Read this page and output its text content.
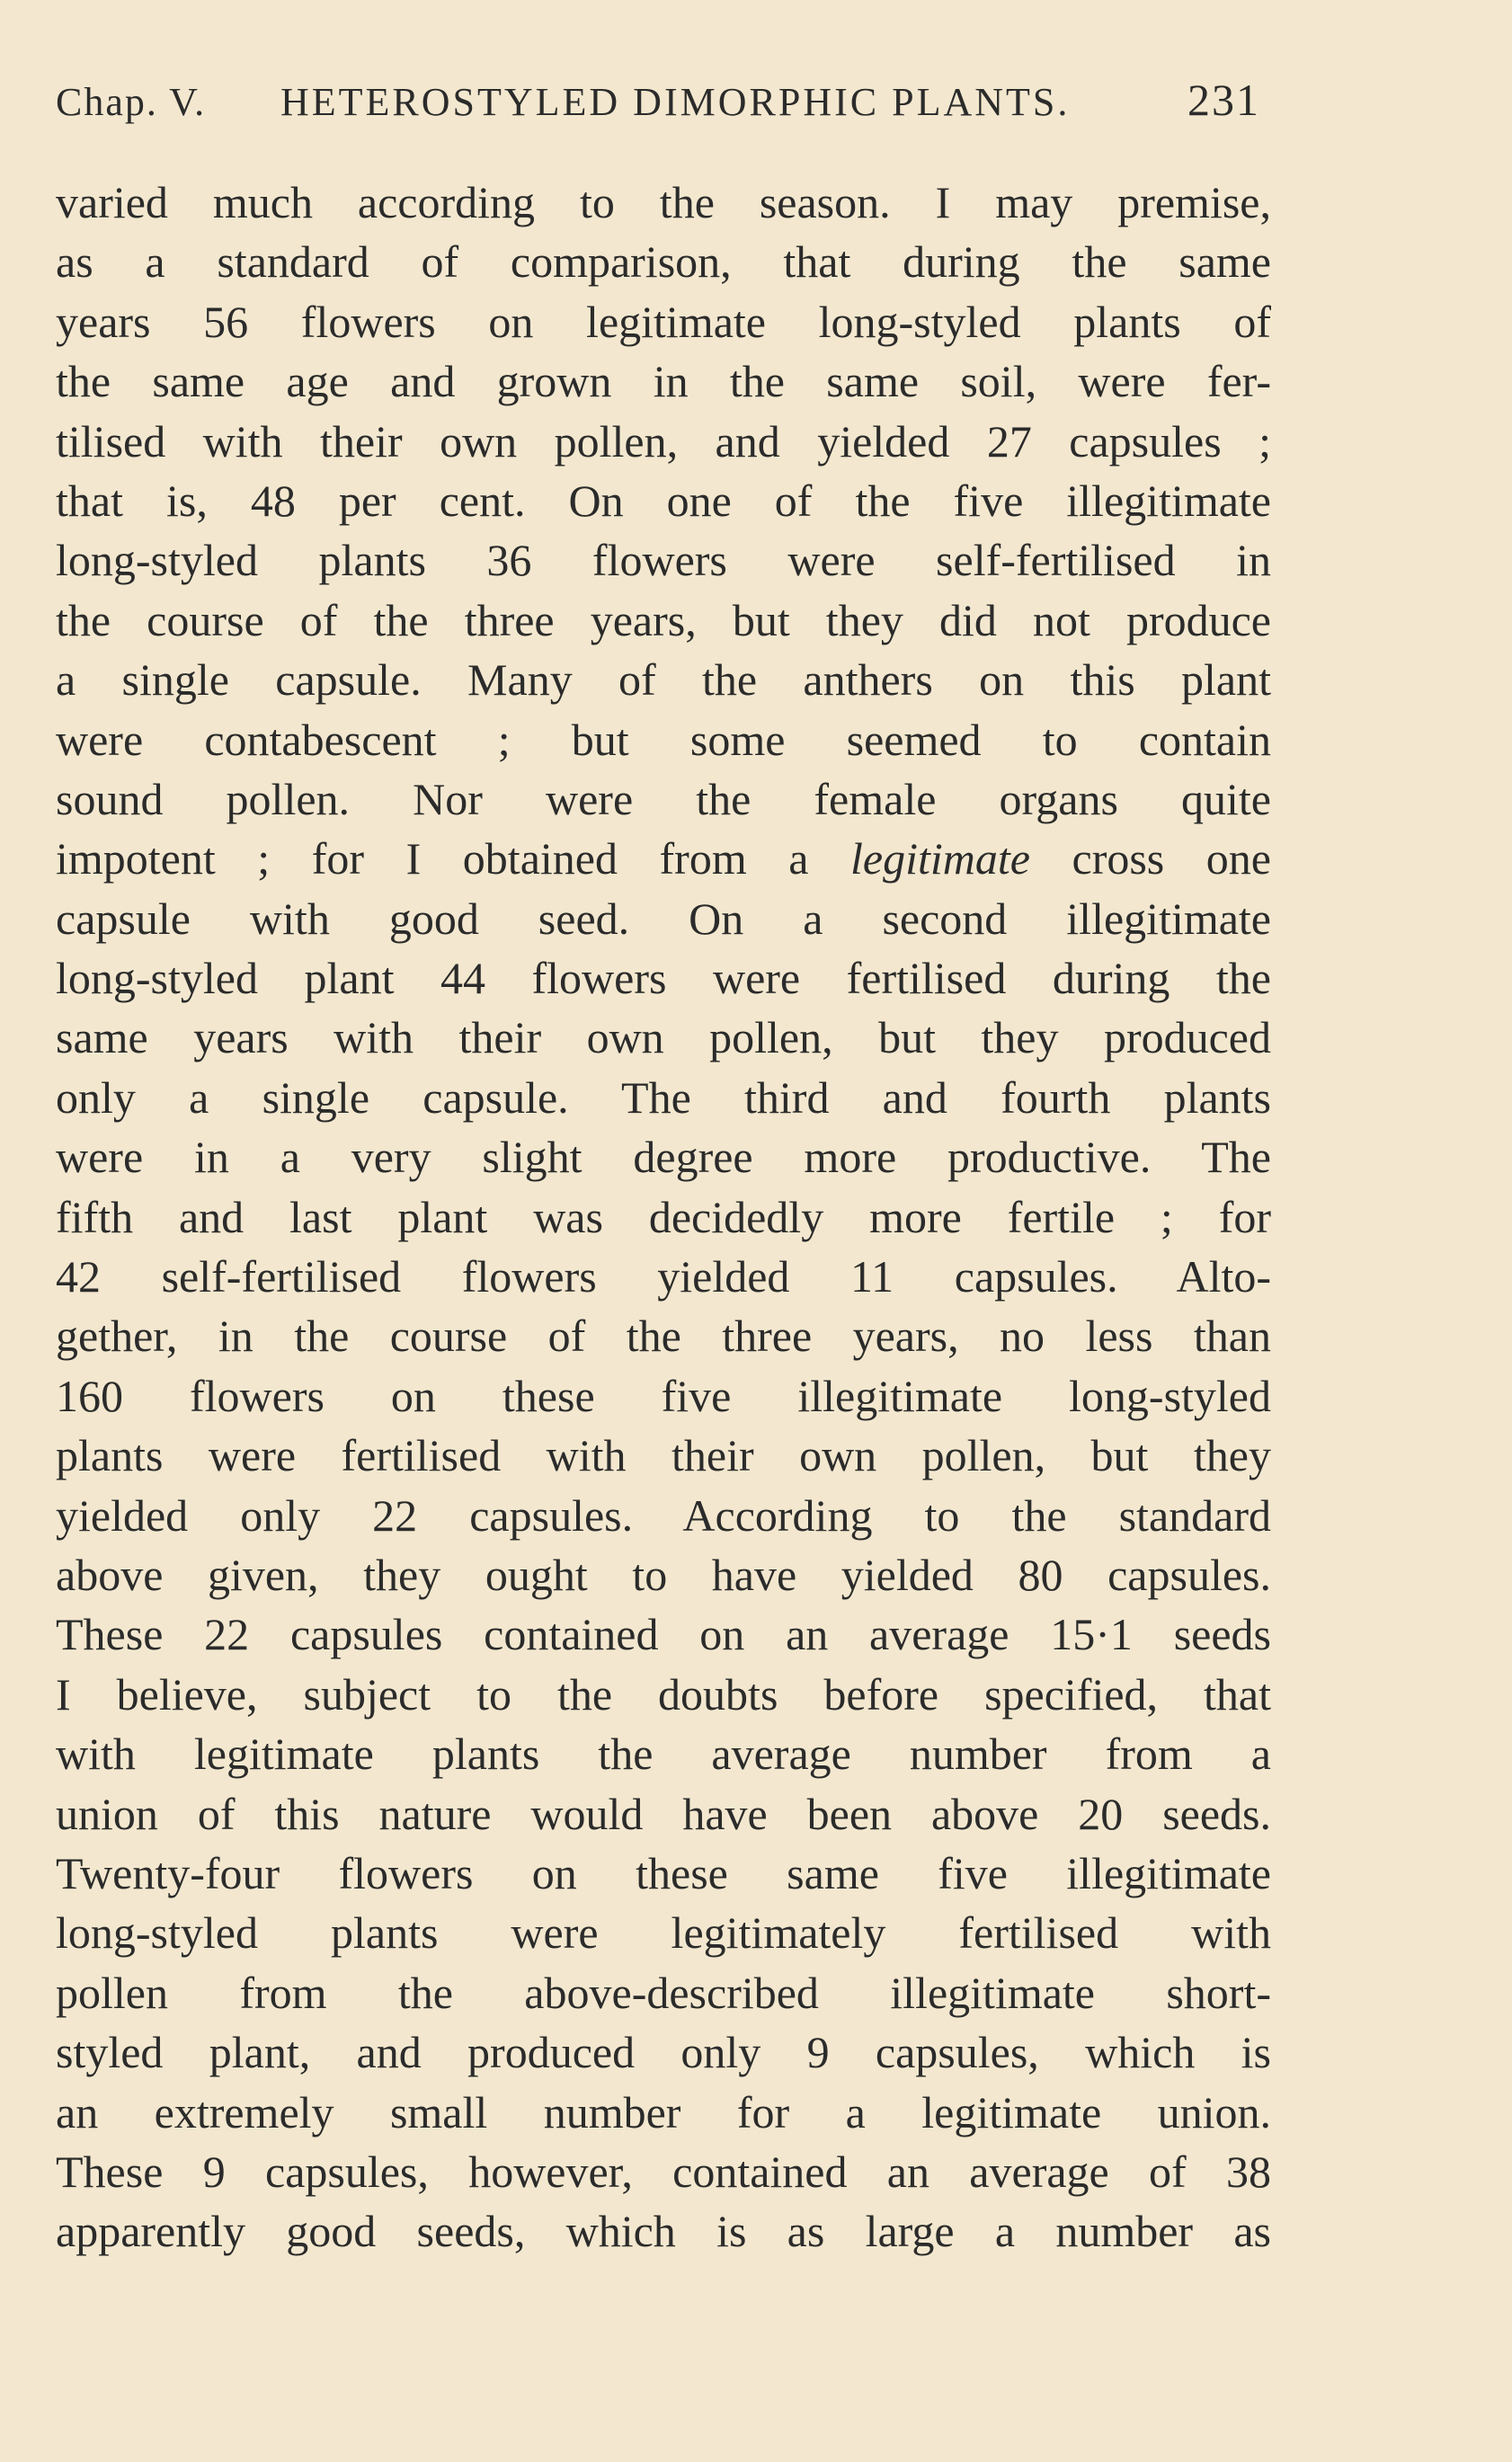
Chap. V. HETEROSTYLED DIMORPHIC PLANTS.	231
varied much according to the season. I may premise,
as a standard of comparison, that during the same
years 56 flowers on legitimate long-styled plants of
the same age and grown in the same soil, were fer-
tilised with their own pollen, and yielded 27 capsules ;
that is, 48 per cent. On one of the five illegitimate
long-styled plants 36 flowers were self-fertilised in
the course of the three years, but they did not produce
a single capsule. Many of the anthers on this plant
were contabescent ; but some seemed to contain
sound pollen. Nor were the female organs quite
impotent ; for I obtained from a legitimate cross one
capsule with good seed. On a second illegitimate
long-styled plant 44 flowers were fertilised during the
same years with their own pollen, but they produced
only a single capsule. The third and fourth plants
were in a very slight degree more productive. The
fifth and last plant was decidedly more fertile ; for
42 self-fertilised flowers yielded 11 capsules. Alto-
gether, in the course of the three years, no less than
160 flowers on these five illegitimate long-styled
plants were fertilised with their own pollen, but they
yielded only 22 capsules. According to the standard
above given, they ought to have yielded 80 capsules.
These 22 capsules contained on an average 15·1 seeds
I believe, subject to the doubts before specified, that
with legitimate plants the average number from a
union of this nature would have been above 20 seeds.
Twenty-four flowers on these same five illegitimate
long-styled plants were legitimately fertilised with
pollen from the above-described illegitimate short-
styled plant, and produced only 9 capsules, which is
an extremely small number for a legitimate union.
These 9 capsules, however, contained an average of 38
apparently good seeds, which is as large a number as
